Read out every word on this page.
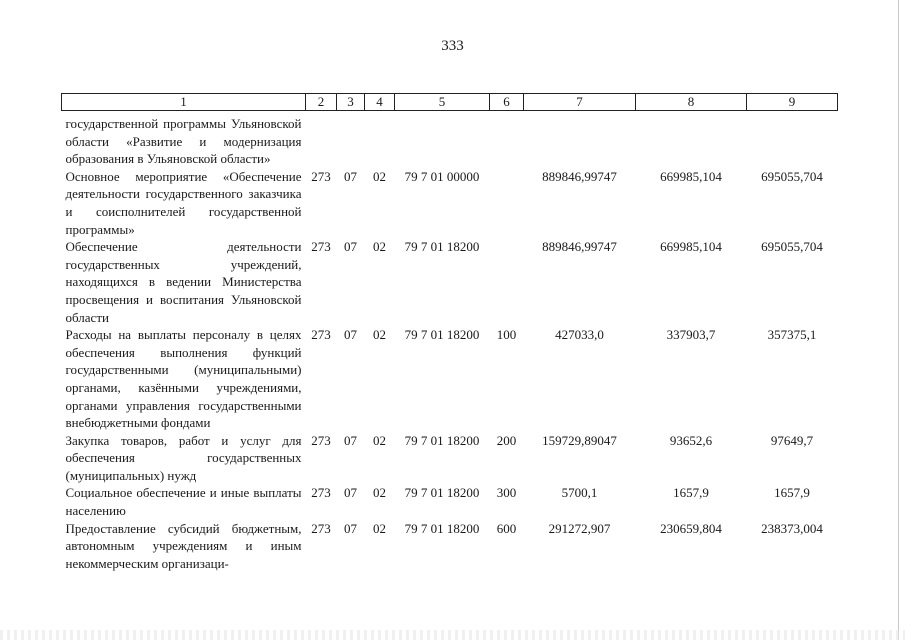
333
1	2	3	4	5	6	7	8	9
государственной программы Ульяновской области «Развитие и модернизация образования в Ульяновской области»								
Основное мероприятие «Обеспечение деятельности государственного заказчика и соисполнителей государственной программы»	273	07	02	79 7 01 00000		889846,99747	669985,104	695055,704
Обеспечение деятельности государственных учреждений, находящихся в ведении Министерства просвещения и воспитания Ульяновской области	273	07	02	79 7 01 18200		889846,99747	669985,104	695055,704
Расходы на выплаты персоналу в целях обеспечения выполнения функций государственными (муниципальными) органами, казёнными учреждениями, органами управления государственными внебюджетными фондами	273	07	02	79 7 01 18200	100	427033,0	337903,7	357375,1
Закупка товаров, работ и услуг для обеспечения государственных (муниципальных) нужд	273	07	02	79 7 01 18200	200	159729,89047	93652,6	97649,7
Социальное обеспечение и иные выплаты населению	273	07	02	79 7 01 18200	300	5700,1	1657,9	1657,9
Предоставление субсидий бюджетным, автономным учреждениям и иным некоммерческим организаци-	273	07	02	79 7 01 18200	600	291272,907	230659,804	238373,004
